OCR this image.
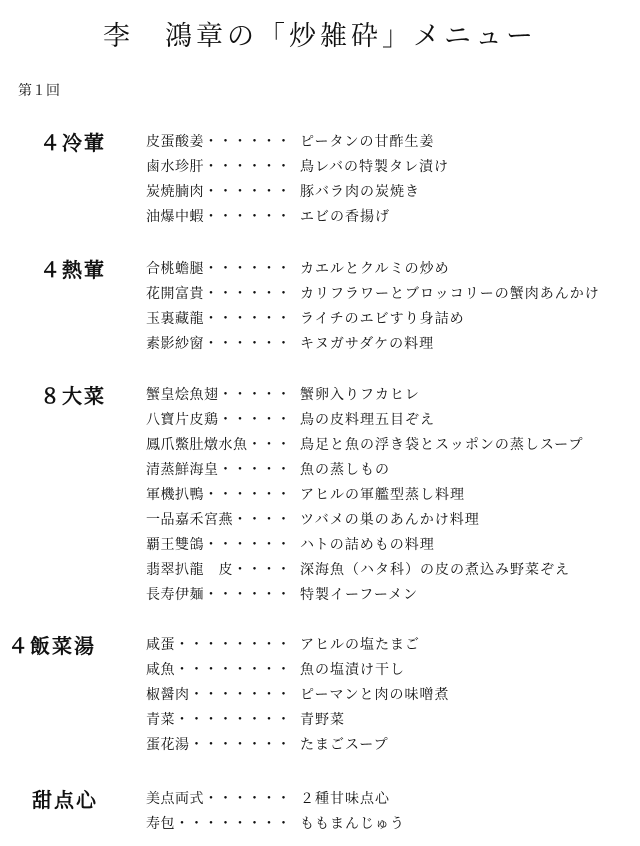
李　鴻章の「炒雑砕」メニュー

第１回

４冷葷	皮蛋酸姜・・・・・・ ピータンの甘酢生姜
鹵水珍肝・・・・・・ 鳥レバの特製タレ漬け
炭焼腩肉・・・・・・ 豚バラ肉の炭焼き
油爆中蝦・・・・・・ エビの香揚げ
４熱葷	合桃蟾腿・・・・・・ カエルとクルミの炒め
花開富貴・・・・・・ カリフラワーとブロッコリーの蟹肉あんかけ
玉裏藏龍・・・・・・ ライチのエビすり身詰め
素影紗窗・・・・・・ キヌガサダケの料理
８大菜	蟹皇烩魚翅・・・・・ 蟹卵入りフカヒレ
八寶片皮鶏・・・・・ 鳥の皮料理五目ぞえ
鳳爪鱉肚燉水魚・・・ 鳥足と魚の浮き袋とスッポンの蒸しスープ
清蒸鮮海皇・・・・・ 魚の蒸しもの
軍機扒鴨・・・・・・ アヒルの軍艦型蒸し料理
一品嘉禾宮燕・・・・ ツバメの巣のあんかけ料理
覇王雙鴿・・・・・・ ハトの詰めもの料理
翡翠扒龍　皮・・・・ 深海魚（ハタ科）の皮の煮込み野菜ぞえ
長寿伊麺・・・・・・ 特製イーフーメン
４飯菜湯	咸蛋・・・・・・・・ アヒルの塩たまご
咸魚・・・・・・・・ 魚の塩漬け干し
椒醤肉・・・・・・・ ピーマンと肉の味噌煮
青菜・・・・・・・・ 青野菜
蛋花湯・・・・・・・ たまごスープ
甜点心	美点両式・・・・・・ ２種甘味点心
寿包・・・・・・・・ ももまんじゅう
